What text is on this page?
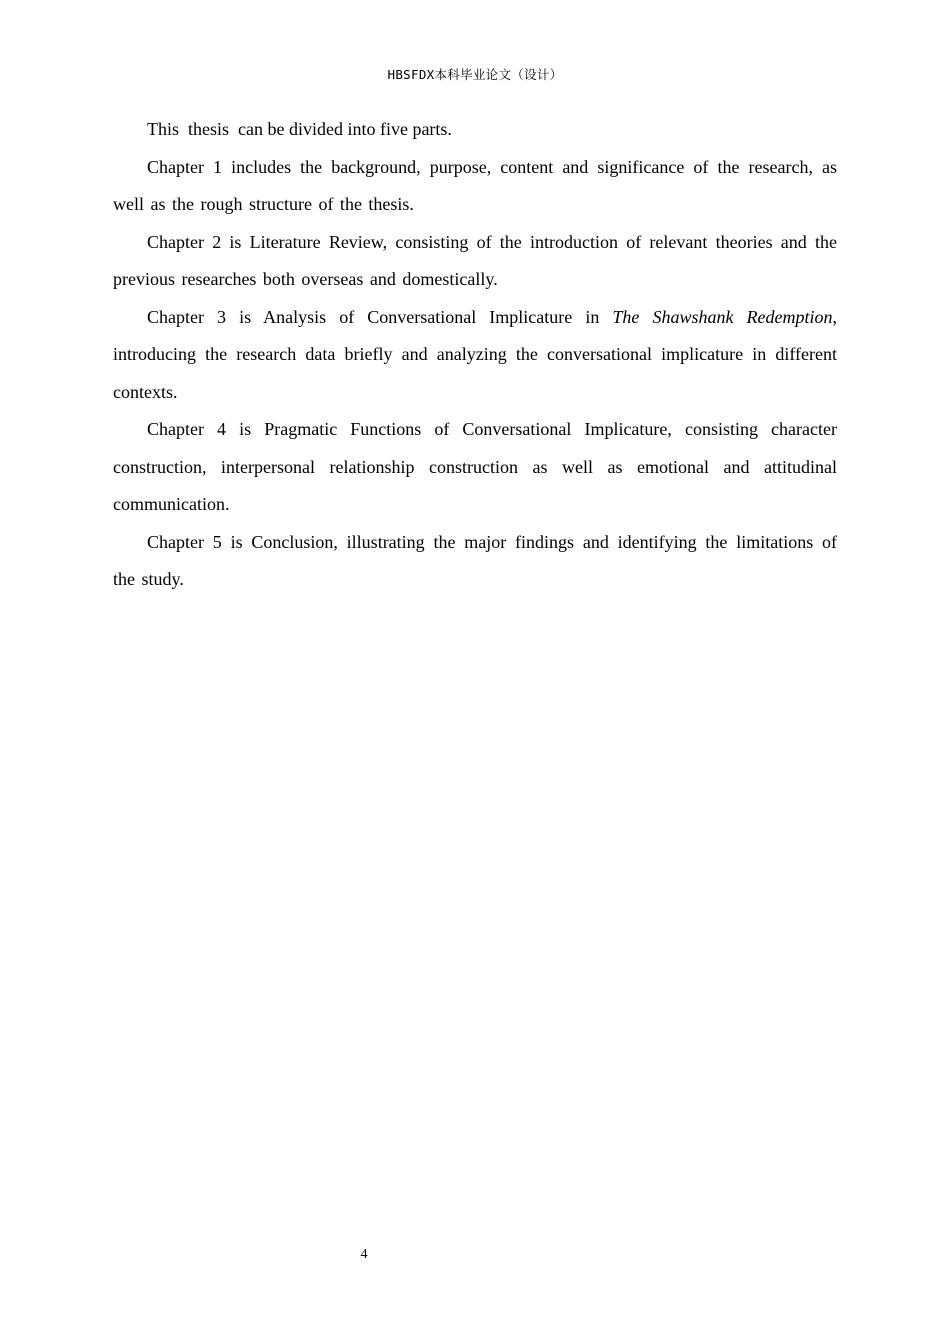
HBSFDX本科毕业论文（设计）

This  thesis  can be divided into five parts.

Chapter 1 includes the background, purpose, content and significance of the research, as well as the rough structure of the thesis.

Chapter 2 is Literature Review, consisting of the introduction of relevant theories and the previous researches both overseas and domestically.

Chapter 3 is Analysis of Conversational Implicature in The Shawshank Redemption, introducing the research data briefly and analyzing the conversational implicature in different contexts.

Chapter 4 is Pragmatic Functions of Conversational Implicature, consisting character construction, interpersonal relationship construction as well as emotional and attitudinal communication.

Chapter 5 is Conclusion, illustrating the major findings and identifying the limitations of the study.

4
